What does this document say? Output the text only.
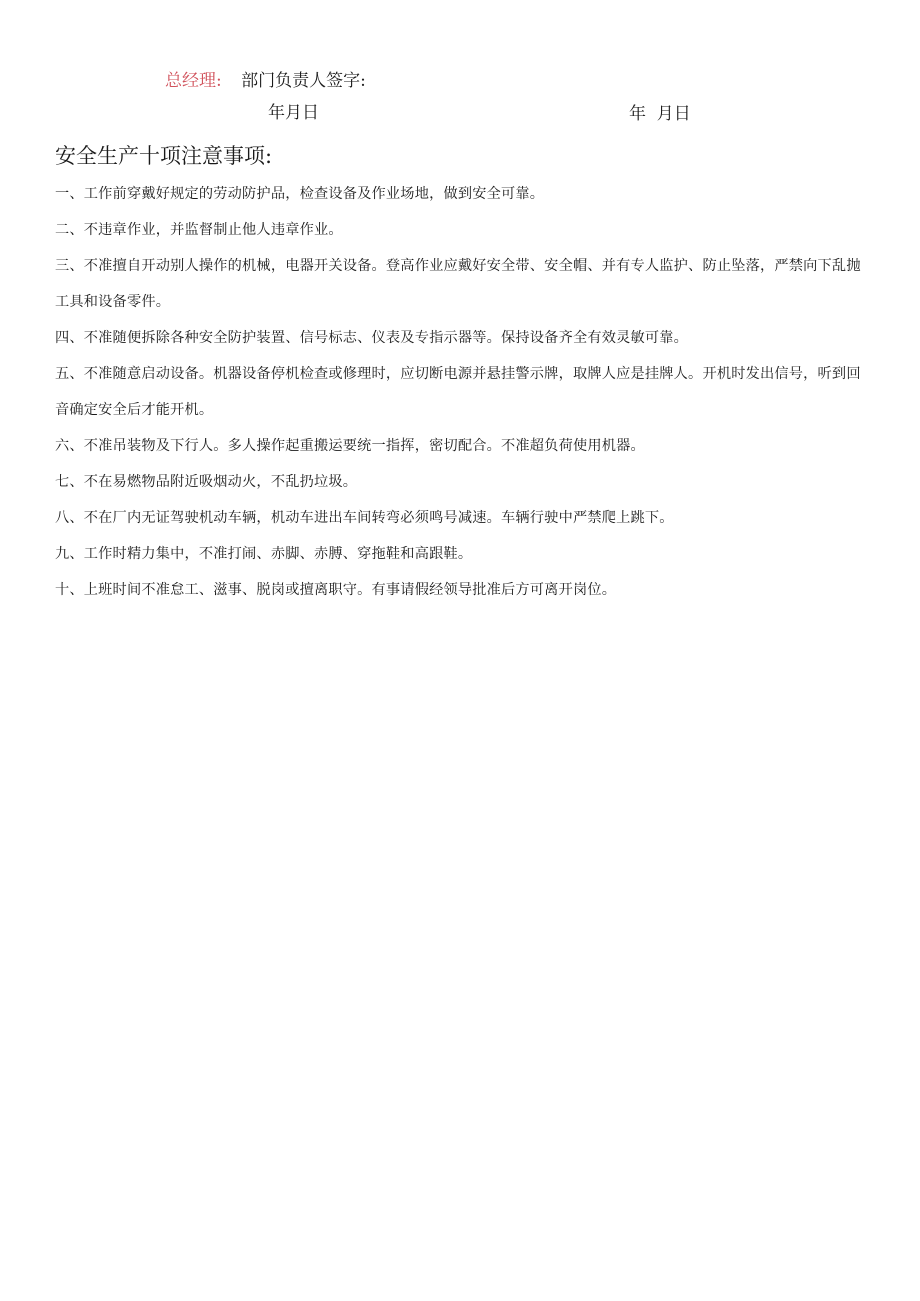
总经理: 部门负责人签字:
年月日	年  月日
安全生产十项注意事项:
一、工作前穿戴好规定的劳动防护品，检查设备及作业场地，做到安全可靠。
二、不违章作业，并监督制止他人违章作业。
三、不准擅自开动别人操作的机械，电器开关设备。登高作业应戴好安全带、安全帽、并有专人监护、防止坠落，严禁向下乱抛工具和设备零件。
四、不准随便拆除各种安全防护装置、信号标志、仪表及专指示器等。保持设备齐全有效灵敏可靠。
五、不准随意启动设备。机器设备停机检查或修理时，应切断电源并悬挂警示牌，取牌人应是挂牌人。开机时发出信号，听到回音确定安全后才能开机。
六、不准吊装物及下行人。多人操作起重搬运要统一指挥，密切配合。不准超负荷使用机器。
七、不在易燃物品附近吸烟动火，不乱扔垃圾。
八、不在厂内无证驾驶机动车辆，机动车进出车间转弯必须鸣号减速。车辆行驶中严禁爬上跳下。
九、工作时精力集中，不准打闹、赤脚、赤膊、穿拖鞋和高跟鞋。
十、上班时间不准怠工、滋事、脱岗或擅离职守。有事请假经领导批准后方可离开岗位。
